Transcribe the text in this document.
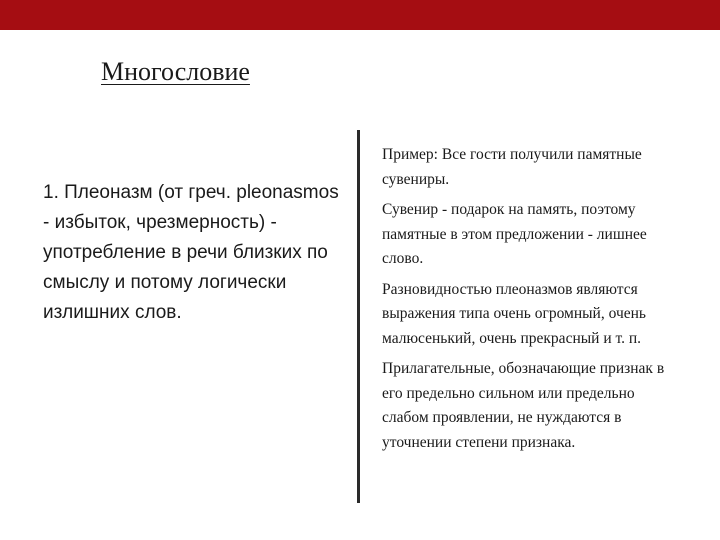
Многословие

1. Плеоназм (от греч. pleonasmos - избыток, чрезмерность) - употребление в речи близких по смыслу и потому логически излишних слов.

Пример: Все гости получили памятные сувениры.

Сувенир - подарок на память, поэтому памятные в этом предложении - лишнее слово.

Разновидностью плеоназмов являются выражения типа очень огромный, очень малюсенький, очень прекрасный и т. п.

Прилагательные, обозначающие признак в его предельно сильном или предельно слабом проявлении, не нуждаются в уточнении степени признака.
